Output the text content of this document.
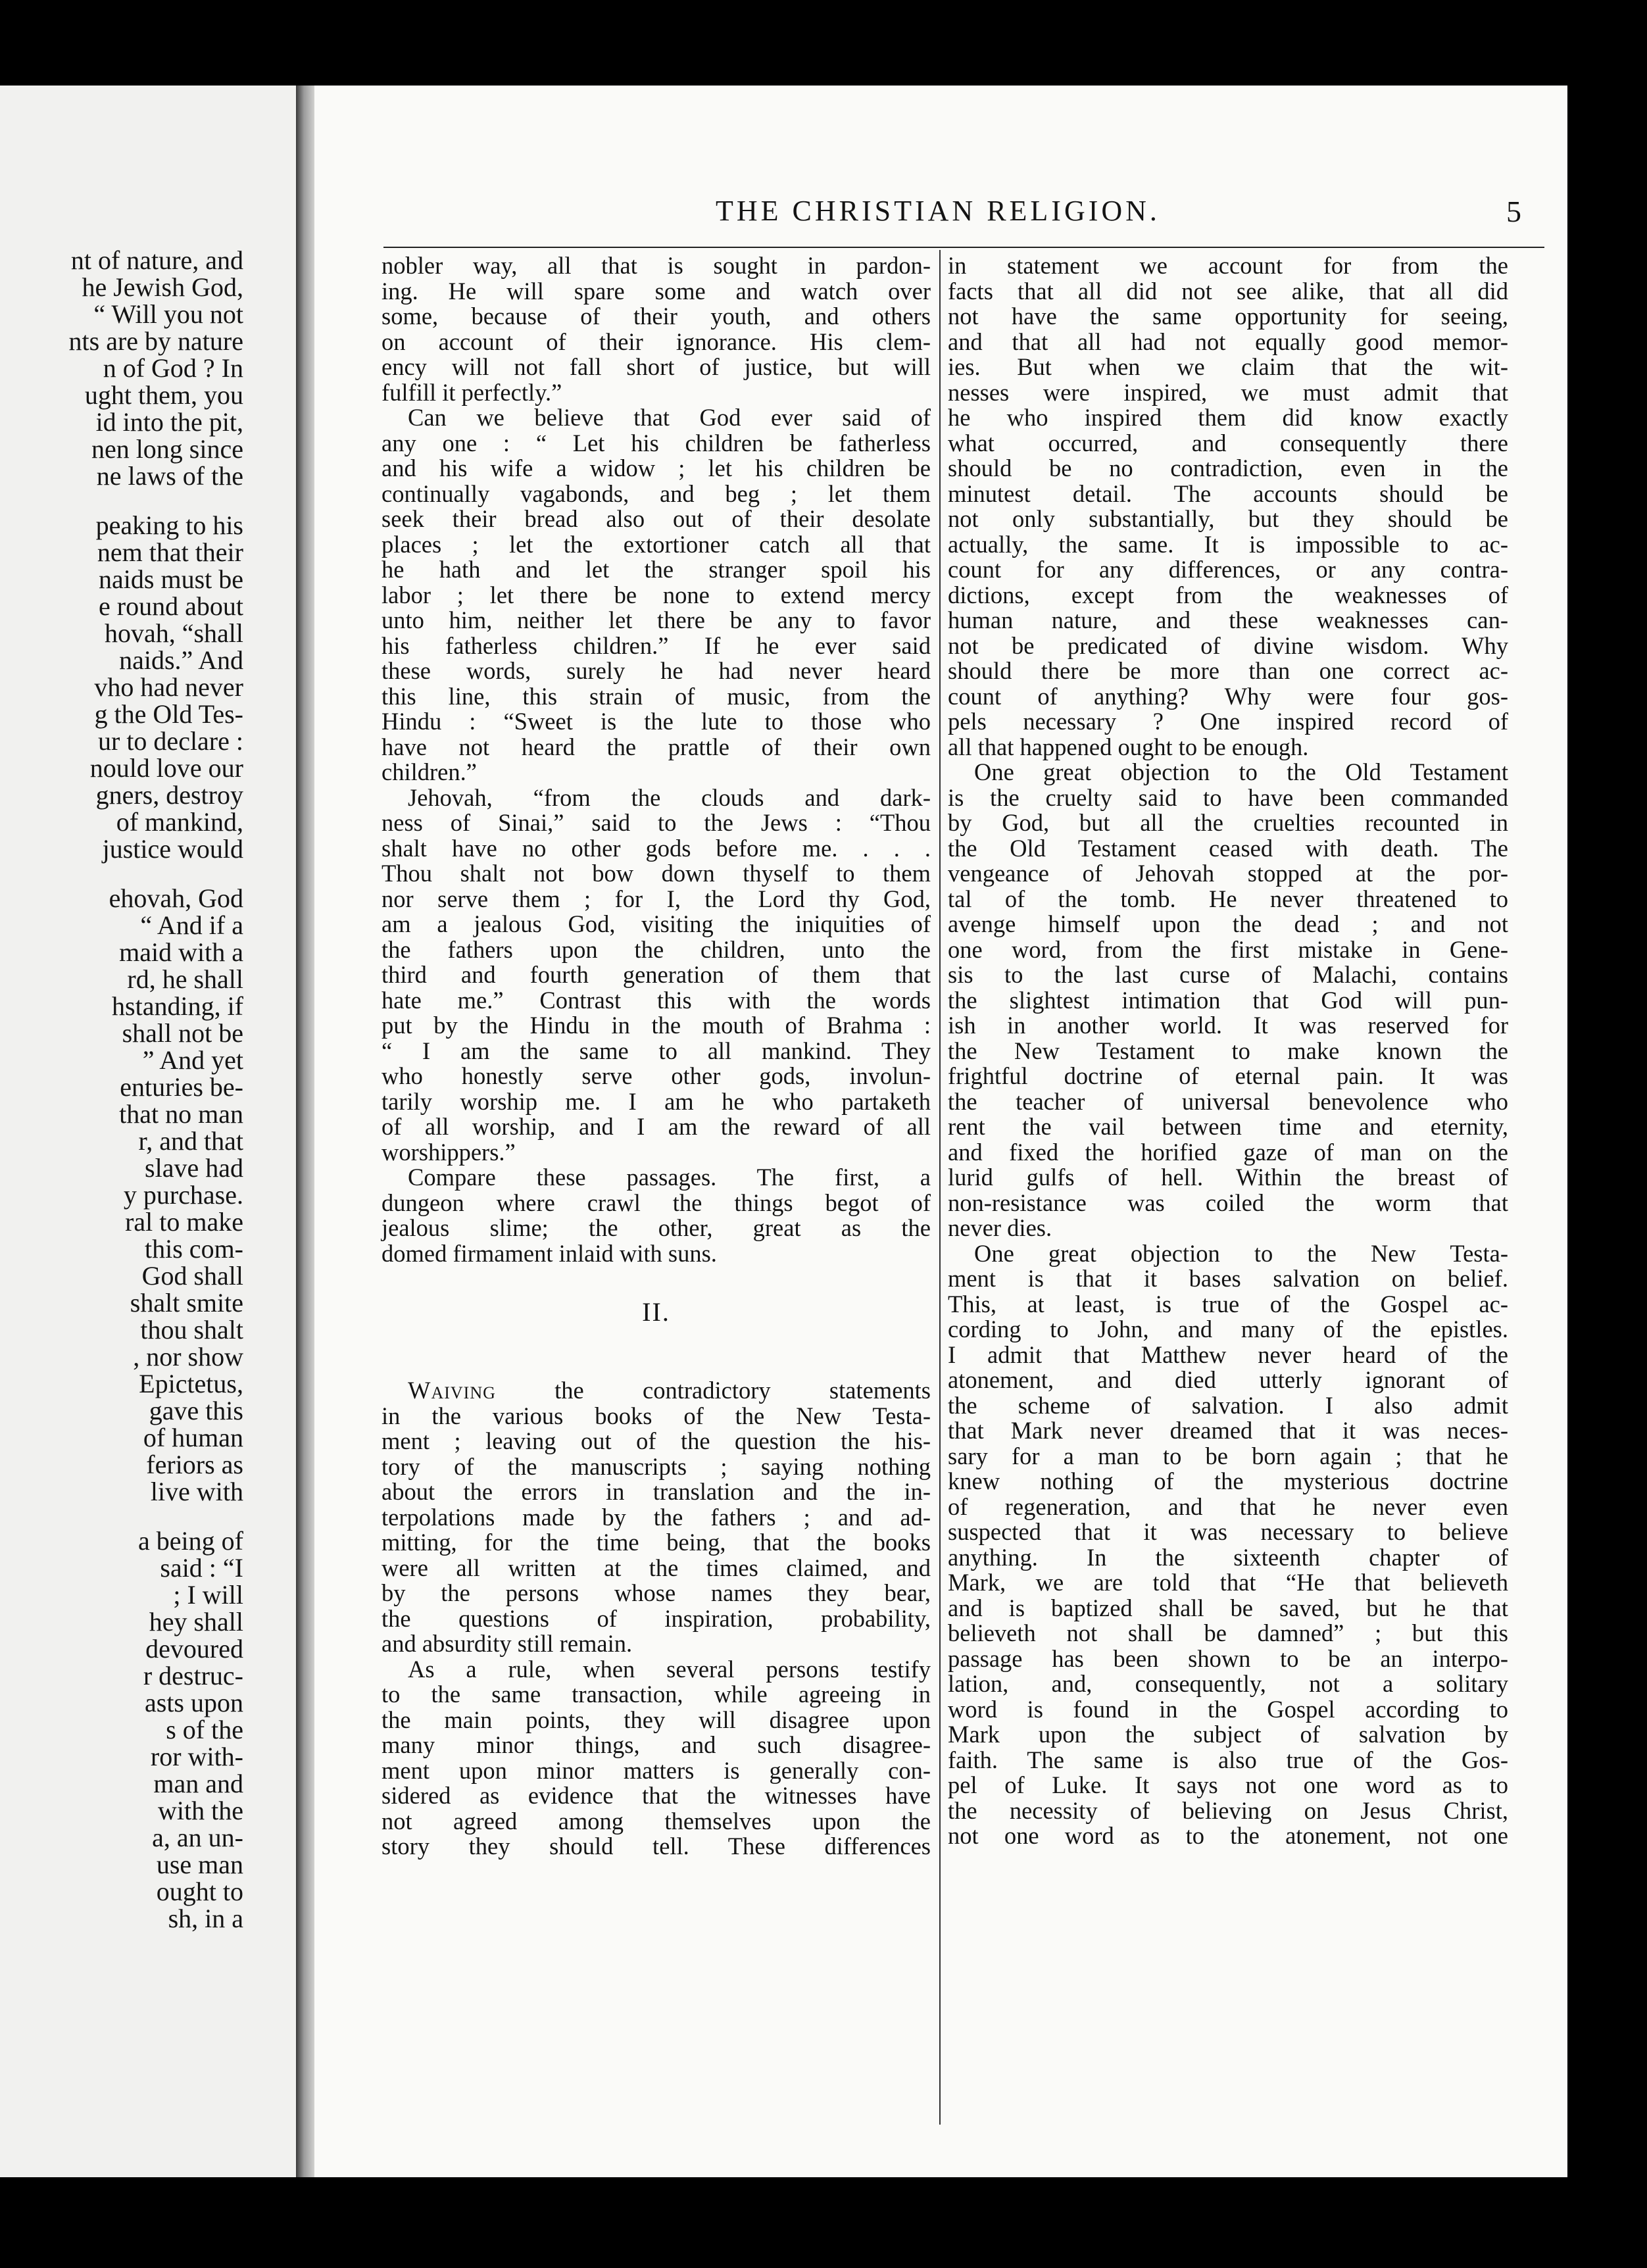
nt of nature, and
he Jewish God,
“ Will you not
nts are by nature
n of God ? In
ught them, you
id into the pit,
nen long since
ne laws of the
peaking to his
nem that their
naids must be
e round about
hovah, “shall
naids.” And
vho had never
g the Old Tes-
ur to declare :
nould love our
gners, destroy
of mankind,
justice would
ehovah, God
“ And if a
maid with a
rd, he shall
hstanding, if
shall not be
” And yet
enturies be-
that no man
r, and that
slave had
y purchase.
ral to make
this com-
God shall
shalt smite
thou shalt
, nor show
Epictetus,
gave this
of human
feriors as
live with
a being of
said : “I
; I will
hey shall
devoured
r destruc-
asts upon
s of the
ror with-
man and
with the
a, an un-
use man
ought to
sh, in a
THE CHRISTIAN RELIGION.	5
nobler way, all that is sought in pardon-
ing. He will spare some and watch over
some, because of their youth, and others
on account of their ignorance. His clem-
ency will not fall short of justice, but will
fulfill it perfectly.”
Can we believe that God ever said of
any one : “ Let his children be fatherless
and his wife a widow ; let his children be
continually vagabonds, and beg ; let them
seek their bread also out of their desolate
places ; let the extortioner catch all that
he hath and let the stranger spoil his
labor ; let there be none to extend mercy
unto him, neither let there be any to favor
his fatherless children.” If he ever said
these words, surely he had never heard
this line, this strain of music, from the
Hindu : “Sweet is the lute to those who
have not heard the prattle of their own
children.”
Jehovah, “from the clouds and dark-
ness of Sinai,” said to the Jews : “Thou
shalt have no other gods before me. . . .
Thou shalt not bow down thyself to them
nor serve them ; for I, the Lord thy God,
am a jealous God, visiting the iniquities of
the fathers upon the children, unto the
third and fourth generation of them that
hate me.” Contrast this with the words
put by the Hindu in the mouth of Brahma :
“ I am the same to all mankind. They
who honestly serve other gods, involun-
tarily worship me. I am he who partaketh
of all worship, and I am the reward of all
worshippers.”
Compare these passages. The first, a
dungeon where crawl the things begot of
jealous slime; the other, great as the
domed firmament inlaid with suns.
II.
Waiving the contradictory statements
in the various books of the New Testa-
ment ; leaving out of the question the his-
tory of the manuscripts ; saying nothing
about the errors in translation and the in-
terpolations made by the fathers ; and ad-
mitting, for the time being, that the books
were all written at the times claimed, and
by the persons whose names they bear,
the questions of inspiration, probability,
and absurdity still remain.
As a rule, when several persons testify
to the same transaction, while agreeing in
the main points, they will disagree upon
many minor things, and such disagree-
ment upon minor matters is generally con-
sidered as evidence that the witnesses have
not agreed among themselves upon the
story they should tell. These differences
in statement we account for from the
facts that all did not see alike, that all did
not have the same opportunity for seeing,
and that all had not equally good memor-
ies. But when we claim that the wit-
nesses were inspired, we must admit that
he who inspired them did know exactly
what occurred, and consequently there
should be no contradiction, even in the
minutest detail. The accounts should be
not only substantially, but they should be
actually, the same. It is impossible to ac-
count for any differences, or any contra-
dictions, except from the weaknesses of
human nature, and these weaknesses can-
not be predicated of divine wisdom. Why
should there be more than one correct ac-
count of anything? Why were four gos-
pels necessary ? One inspired record of
all that happened ought to be enough.
One great objection to the Old Testament
is the cruelty said to have been commanded
by God, but all the cruelties recounted in
the Old Testament ceased with death. The
vengeance of Jehovah stopped at the por-
tal of the tomb. He never threatened to
avenge himself upon the dead ; and not
one word, from the first mistake in Gene-
sis to the last curse of Malachi, contains
the slightest intimation that God will pun-
ish in another world. It was reserved for
the New Testament to make known the
frightful doctrine of eternal pain. It was
the teacher of universal benevolence who
rent the vail between time and eternity,
and fixed the horified gaze of man on the
lurid gulfs of hell. Within the breast of
non-resistance was coiled the worm that
never dies.
One great objection to the New Testa-
ment is that it bases salvation on belief.
This, at least, is true of the Gospel ac-
cording to John, and many of the epistles.
I admit that Matthew never heard of the
atonement, and died utterly ignorant of
the scheme of salvation. I also admit
that Mark never dreamed that it was neces-
sary for a man to be born again ; that he
knew nothing of the mysterious doctrine
of regeneration, and that he never even
suspected that it was necessary to believe
anything. In the sixteenth chapter of
Mark, we are told that “He that believeth
and is baptized shall be saved, but he that
believeth not shall be damned” ; but this
passage has been shown to be an interpo-
lation, and, consequently, not a solitary
word is found in the Gospel according to
Mark upon the subject of salvation by
faith. The same is also true of the Gos-
pel of Luke. It says not one word as to
the necessity of believing on Jesus Christ,
not one word as to the atonement, not one
